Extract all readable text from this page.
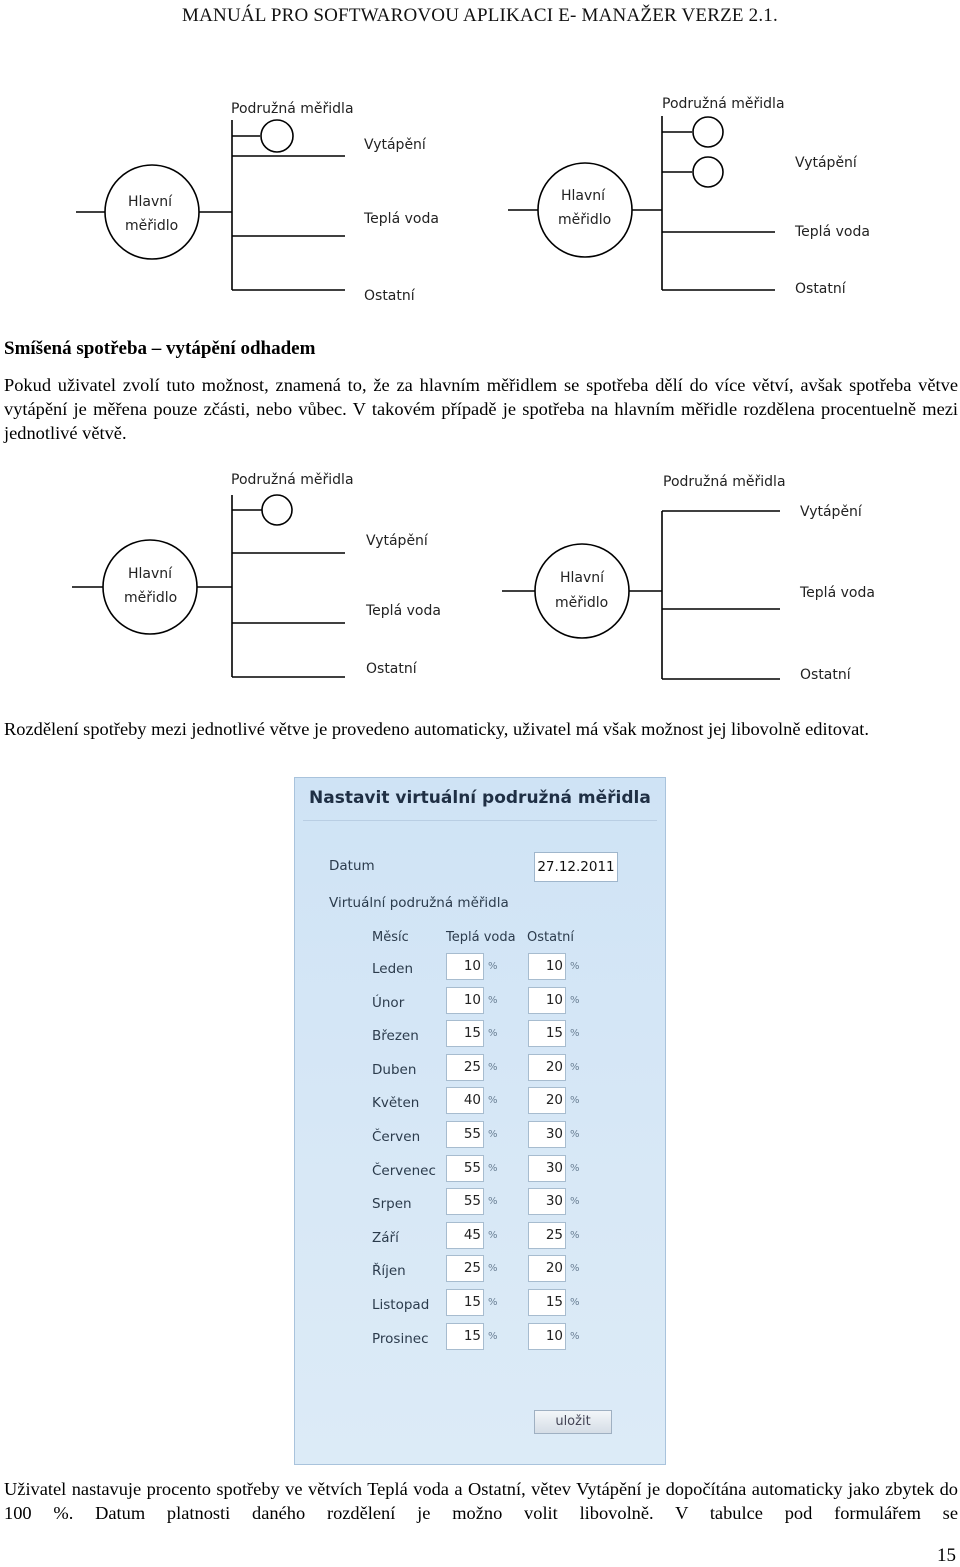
MANUÁL PRO SOFTWAROVOU APLIKACI E- MANAŽER VERZE 2.1.
Podružná měřidla
Hlavní
měřidlo
Vytápění
Teplá voda
Ostatní
Podružná měřidla
Hlavní
měřidlo
Vytápění
Teplá voda
Ostatní
Smíšená spotřeba – vytápění odhadem
Pokud uživatel zvolí tuto možnost, znamená to, že za hlavním měřidlem se spotřeba dělí do více větví, avšak spotřeba větve vytápění je měřena pouze zčásti, nebo vůbec. V takovém případě je spotřeba na hlavním měřidle rozdělena procentuelně mezi jednotlivé větvě.
Podružná měřidla
Hlavní
měřidlo
Vytápění
Teplá voda
Ostatní
Podružná měřidla
Hlavní
měřidlo
Vytápění
Teplá voda
Ostatní
Rozdělení spotřeby mezi jednotlivé větve je provedeno automaticky, uživatel má však možnost jej libovolně editovat.
Nastavit virtuální podružná měřidla
Datum	27.12.2011
Virtuální podružná měřidla
Měsíc	Teplá voda Ostatní
Leden	10 %	10 %
Únor	10 %	10 %
Březen	15 %	15 %
Duben	25 %	20 %
Květen	40 %	20 %
Červen	55 %	30 %
Červenec	55 %	30 %
Srpen	55 %	30 %
Září	45 %	25 %
Říjen	25 %	20 %
Listopad	15 %	15 %
Prosinec	15 %	10 %
uložit
Uživatel nastavuje procento spotřeby ve větvích Teplá voda a Ostatní, větev Vytápění je dopočítána automaticky jako zbytek do 100 %. Datum platnosti daného rozdělení je možno volit libovolně. V tabulce pod formulářem se
15
